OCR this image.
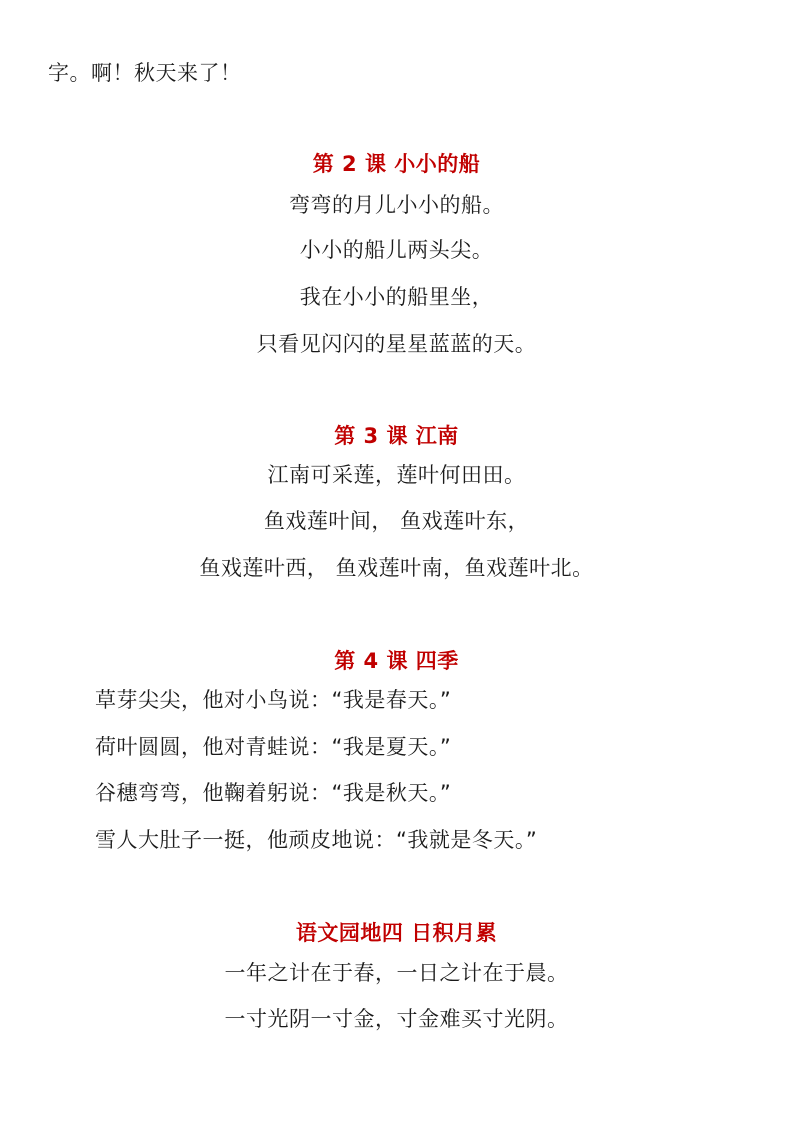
字。啊！秋天来了！
第 2 课 小小的船
弯弯的月儿小小的船。
小小的船儿两头尖。
我在小小的船里坐，
只看见闪闪的星星蓝蓝的天。
第 3 课 江南
江南可采莲，莲叶何田田。
鱼戏莲叶间， 鱼戏莲叶东，
鱼戏莲叶西， 鱼戏莲叶南，鱼戏莲叶北。
第 4 课 四季
草芽尖尖，他对小鸟说：“我是春天。”
荷叶圆圆，他对青蛙说：“我是夏天。”
谷穗弯弯，他鞠着躬说：“我是秋天。”
雪人大肚子一挺，他顽皮地说：“我就是冬天。”
语文园地四 日积月累
一年之计在于春，一日之计在于晨。
一寸光阴一寸金，寸金难买寸光阴。
